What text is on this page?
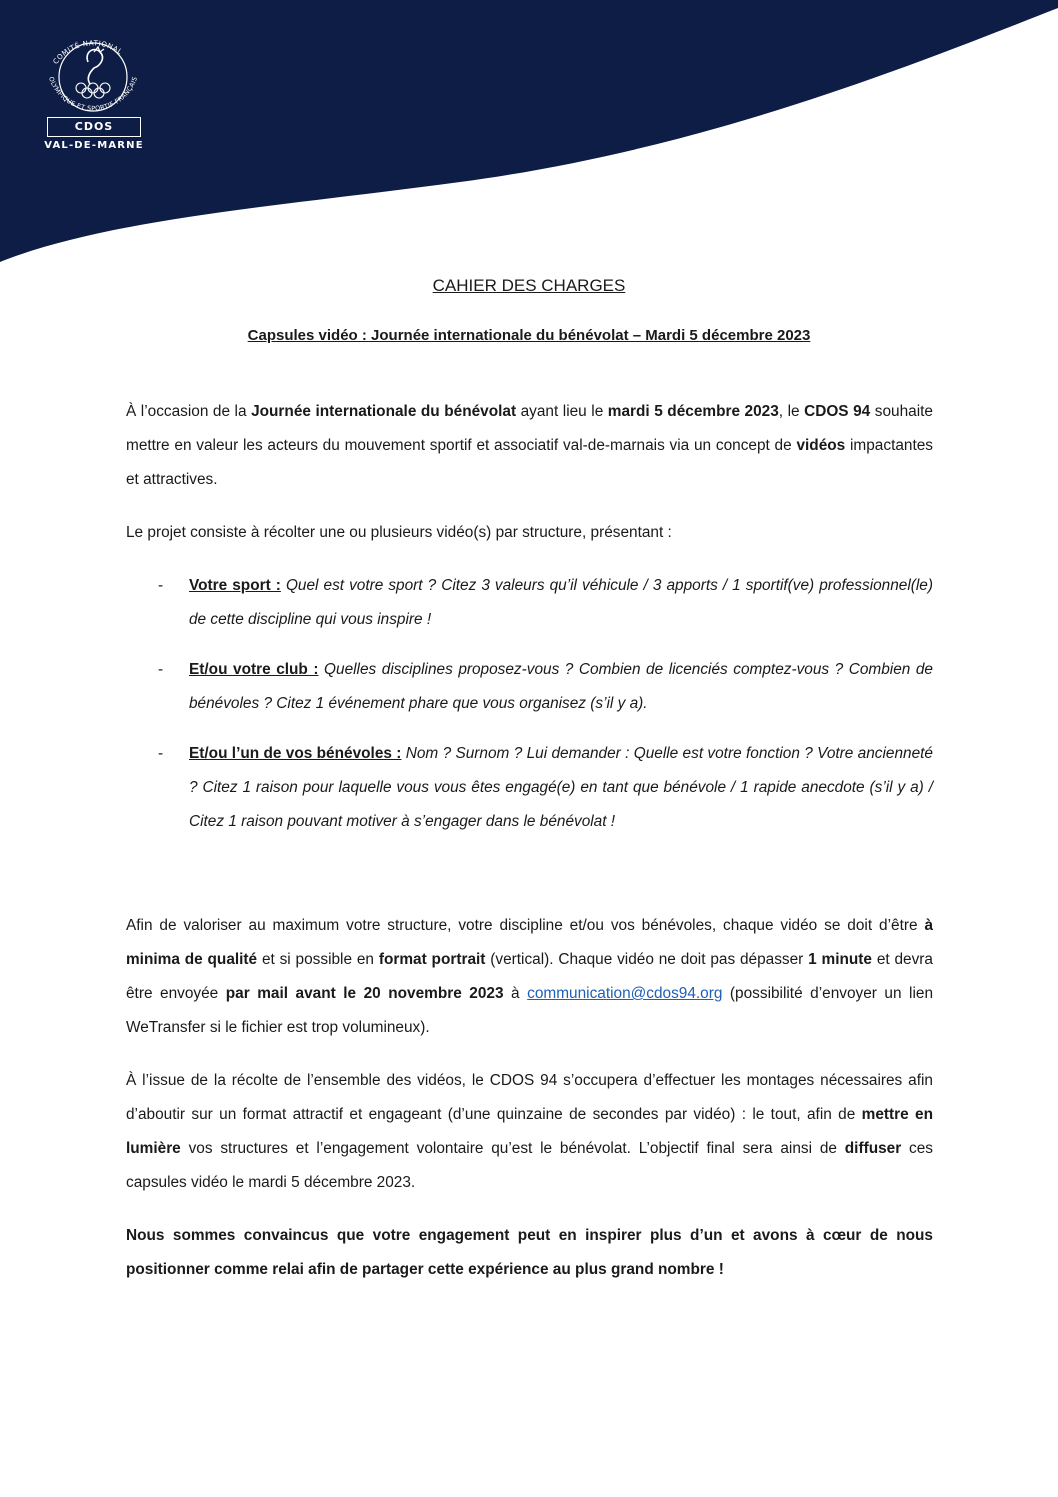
COMITÉ NATIONAL
OLYMPIQUE ET SPORTIF FRANÇAIS
CDOS
VAL-DE-MARNE
CAHIER DES CHARGES
Capsules vidéo : Journée internationale du bénévolat – Mardi 5 décembre 2023

À l’occasion de la Journée internationale du bénévolat ayant lieu le mardi 5 décembre 2023, le CDOS 94 souhaite mettre en valeur les acteurs du mouvement sportif et associatif val-de-marnais via un concept de vidéos impactantes et attractives.

Le projet consiste à récolter une ou plusieurs vidéo(s) par structure, présentant :

- Votre sport : Quel est votre sport ? Citez 3 valeurs qu’il véhicule / 3 apports / 1 sportif(ve) professionnel(le) de cette discipline qui vous inspire !
- Et/ou votre club : Quelles disciplines proposez-vous ? Combien de licenciés comptez-vous ? Combien de bénévoles ? Citez 1 événement phare que vous organisez (s’il y a).
- Et/ou l’un de vos bénévoles : Nom ? Surnom ? Lui demander : Quelle est votre fonction ? Votre ancienneté ? Citez 1 raison pour laquelle vous vous êtes engagé(e) en tant que bénévole / 1 rapide anecdote (s’il y a) / Citez 1 raison pouvant motiver à s’engager dans le bénévolat !

Afin de valoriser au maximum votre structure, votre discipline et/ou vos bénévoles, chaque vidéo se doit d’être à minima de qualité et si possible en format portrait (vertical). Chaque vidéo ne doit pas dépasser 1 minute et devra être envoyée par mail avant le 20 novembre 2023 à communication@cdos94.org (possibilité d’envoyer un lien WeTransfer si le fichier est trop volumineux).

À l’issue de la récolte de l’ensemble des vidéos, le CDOS 94 s’occupera d’effectuer les montages nécessaires afin d’aboutir sur un format attractif et engageant (d’une quinzaine de secondes par vidéo) : le tout, afin de mettre en lumière vos structures et l’engagement volontaire qu’est le bénévolat. L’objectif final sera ainsi de diffuser ces capsules vidéo le mardi 5 décembre 2023.

Nous sommes convaincus que votre engagement peut en inspirer plus d’un et avons à cœur de nous positionner comme relai afin de partager cette expérience au plus grand nombre !
